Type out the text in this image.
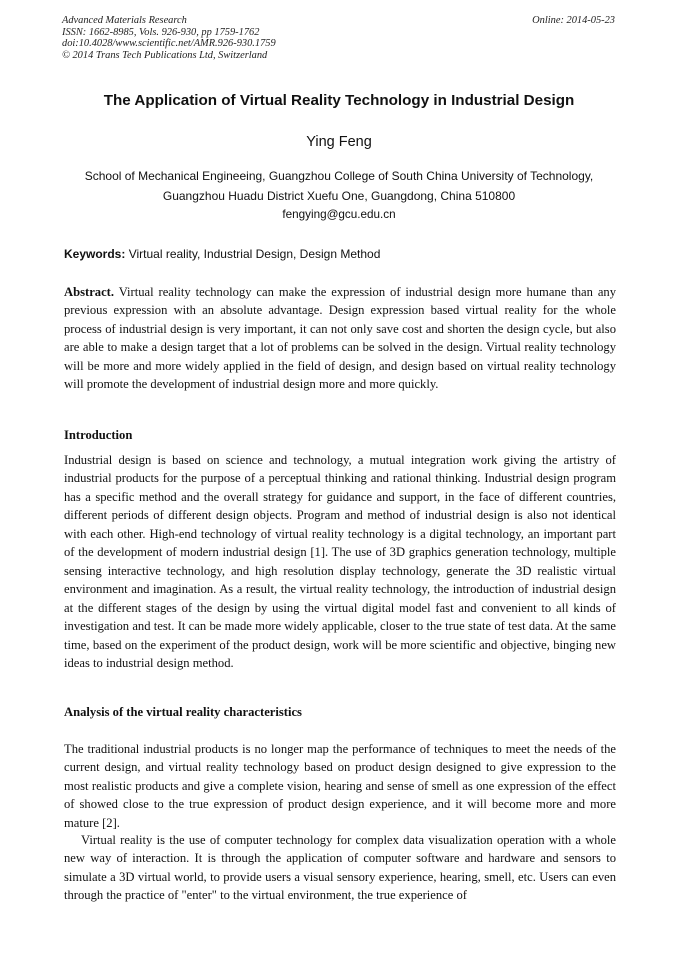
Advanced Materials Research
ISSN: 1662-8985, Vols. 926-930, pp 1759-1762
doi:10.4028/www.scientific.net/AMR.926-930.1759
© 2014 Trans Tech Publications Ltd, Switzerland
Online: 2014-05-23
The Application of Virtual Reality Technology in Industrial Design
Ying Feng
School of Mechanical Engineeing, Guangzhou College of South China University of Technology,
Guangzhou Huadu District Xuefu One, Guangdong, China 510800
fengying@gcu.edu.cn
Keywords: Virtual reality, Industrial Design, Design Method

Abstract. Virtual reality technology can make the expression of industrial design more humane than any previous expression with an absolute advantage. Design expression based virtual reality for the whole process of industrial design is very important, it can not only save cost and shorten the design cycle, but also are able to make a design target that a lot of problems can be solved in the design. Virtual reality technology will be more and more widely applied in the field of design, and design based on virtual reality technology will promote the development of industrial design more and more quickly.

Introduction

Industrial design is based on science and technology, a mutual integration work giving the artistry of industrial products for the purpose of a perceptual thinking and rational thinking. Industrial design program has a specific method and the overall strategy for guidance and support, in the face of different countries, different periods of different design objects. Program and method of industrial design is also not identical with each other. High-end technology of virtual reality technology is a digital technology, an important part of the development of modern industrial design [1]. The use of 3D graphics generation technology, multiple sensing interactive technology, and high resolution display technology, generate the 3D realistic virtual environment and imagination. As a result, the virtual reality technology, the introduction of industrial design at the different stages of the design by using the virtual digital model fast and convenient to all kinds of investigation and test. It can be made more widely applicable, closer to the true state of test data. At the same time, based on the experiment of the product design, work will be more scientific and objective, binging new ideas to industrial design method.

Analysis of the virtual reality characteristics

The traditional industrial products is no longer map the performance of techniques to meet the needs of the current design, and virtual reality technology based on product design designed to give expression to the most realistic products and give a complete vision, hearing and sense of smell as one expression of the effect of showed close to the true expression of product design experience, and it will become more and more mature [2].

Virtual reality is the use of computer technology for complex data visualization operation with a whole new way of interaction. It is through the application of computer software and hardware and sensors to simulate a 3D virtual world, to provide users a visual sensory experience, hearing, smell, etc. Users can even through the practice of "enter" to the virtual environment, the true experience of
